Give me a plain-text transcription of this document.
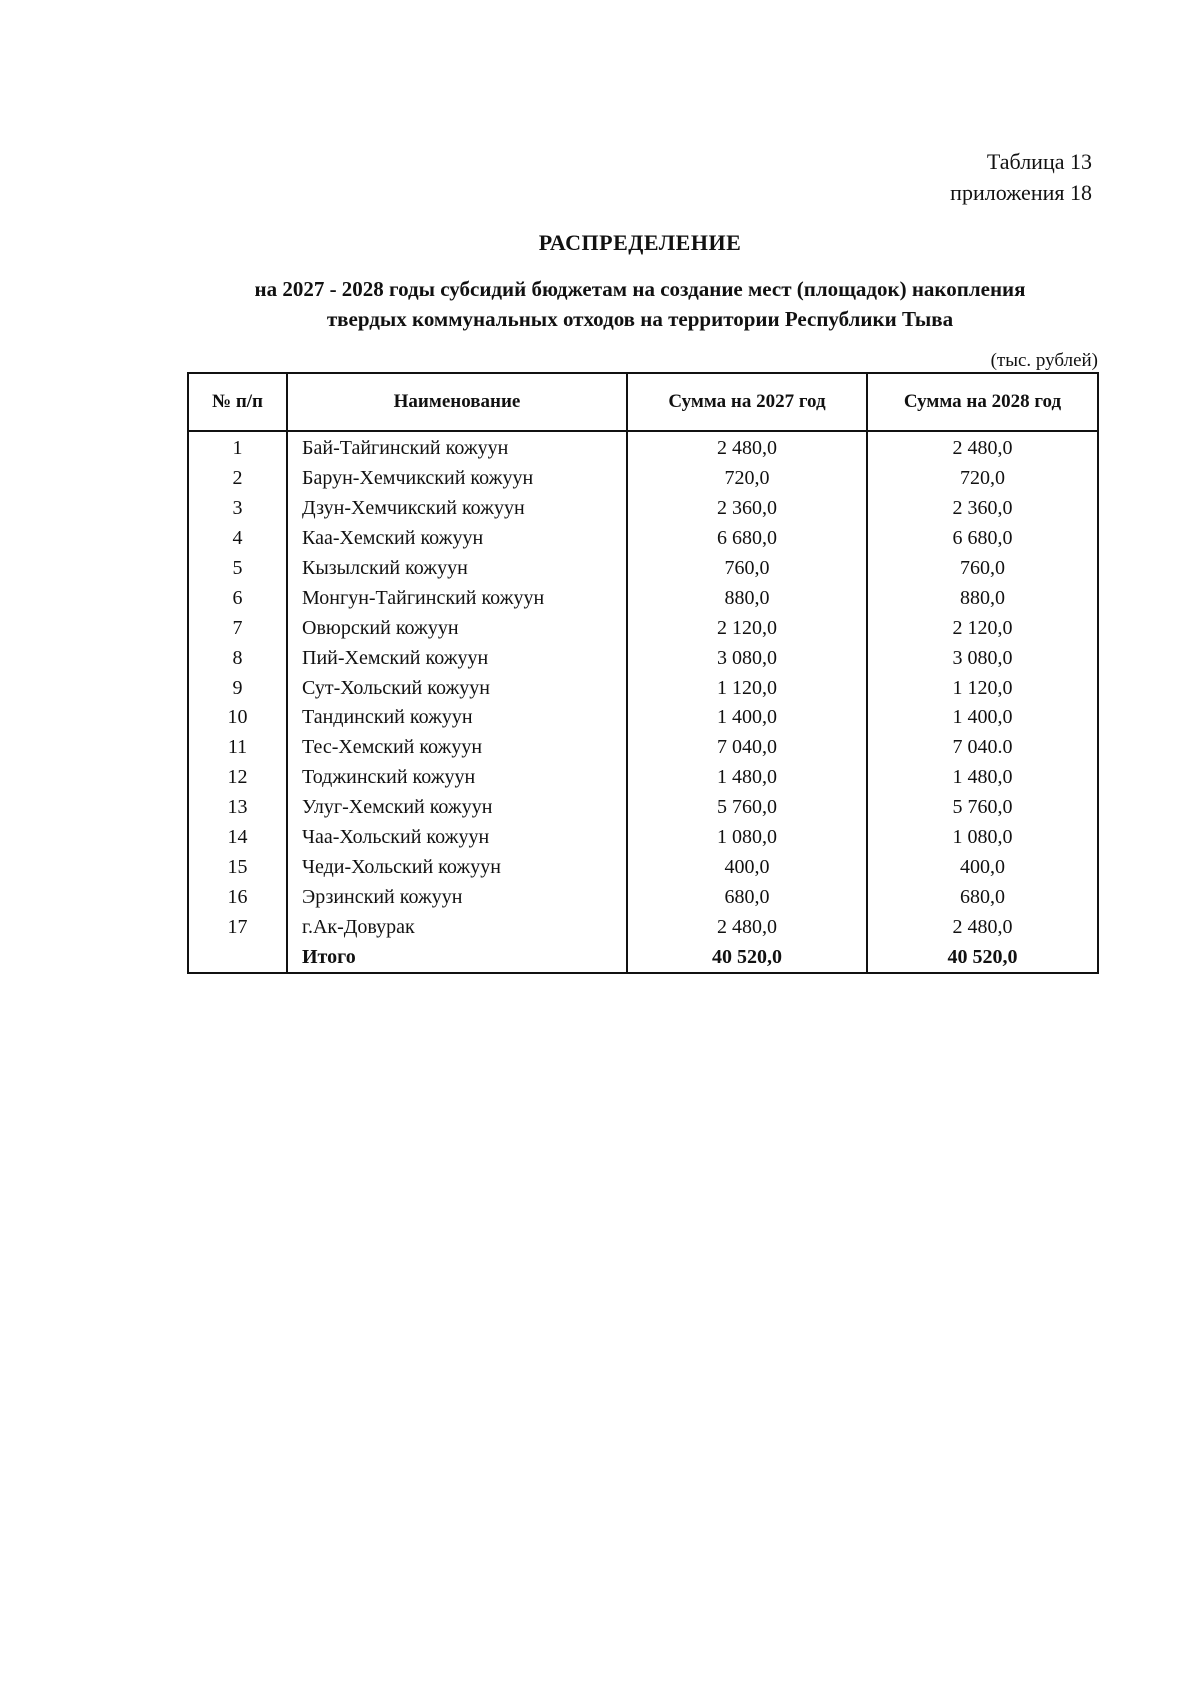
Таблица 13
приложения 18
РАСПРЕДЕЛЕНИЕ
на 2027 - 2028 годы субсидий бюджетам на создание мест (площадок) накопления
твердых коммунальных отходов на территории Республики Тыва
(тыс. рублей)
№ п/п	Наименование	Сумма на 2027 год	Сумма на 2028 год
1	Бай-Тайгинский кожуун	2 480,0	2 480,0
2	Барун-Хемчикский кожуун	720,0	720,0
3	Дзун-Хемчикский кожуун	2 360,0	2 360,0
4	Каа-Хемский кожуун	6 680,0	6 680,0
5	Кызылский кожуун	760,0	760,0
6	Монгун-Тайгинский кожуун	880,0	880,0
7	Овюрский кожуун	2 120,0	2 120,0
8	Пий-Хемский кожуун	3 080,0	3 080,0
9	Сут-Хольский кожуун	1 120,0	1 120,0
10	Тандинский кожуун	1 400,0	1 400,0
11	Тес-Хемский кожуун	7 040,0	7 040.0
12	Тоджинский кожуун	1 480,0	1 480,0
13	Улуг-Хемский кожуун	5 760,0	5 760,0
14	Чаа-Хольский кожуун	1 080,0	1 080,0
15	Чеди-Хольский кожуун	400,0	400,0
16	Эрзинский кожуун	680,0	680,0
17	г.Ак-Довурак	2 480,0	2 480,0
	Итого	40 520,0	40 520,0
